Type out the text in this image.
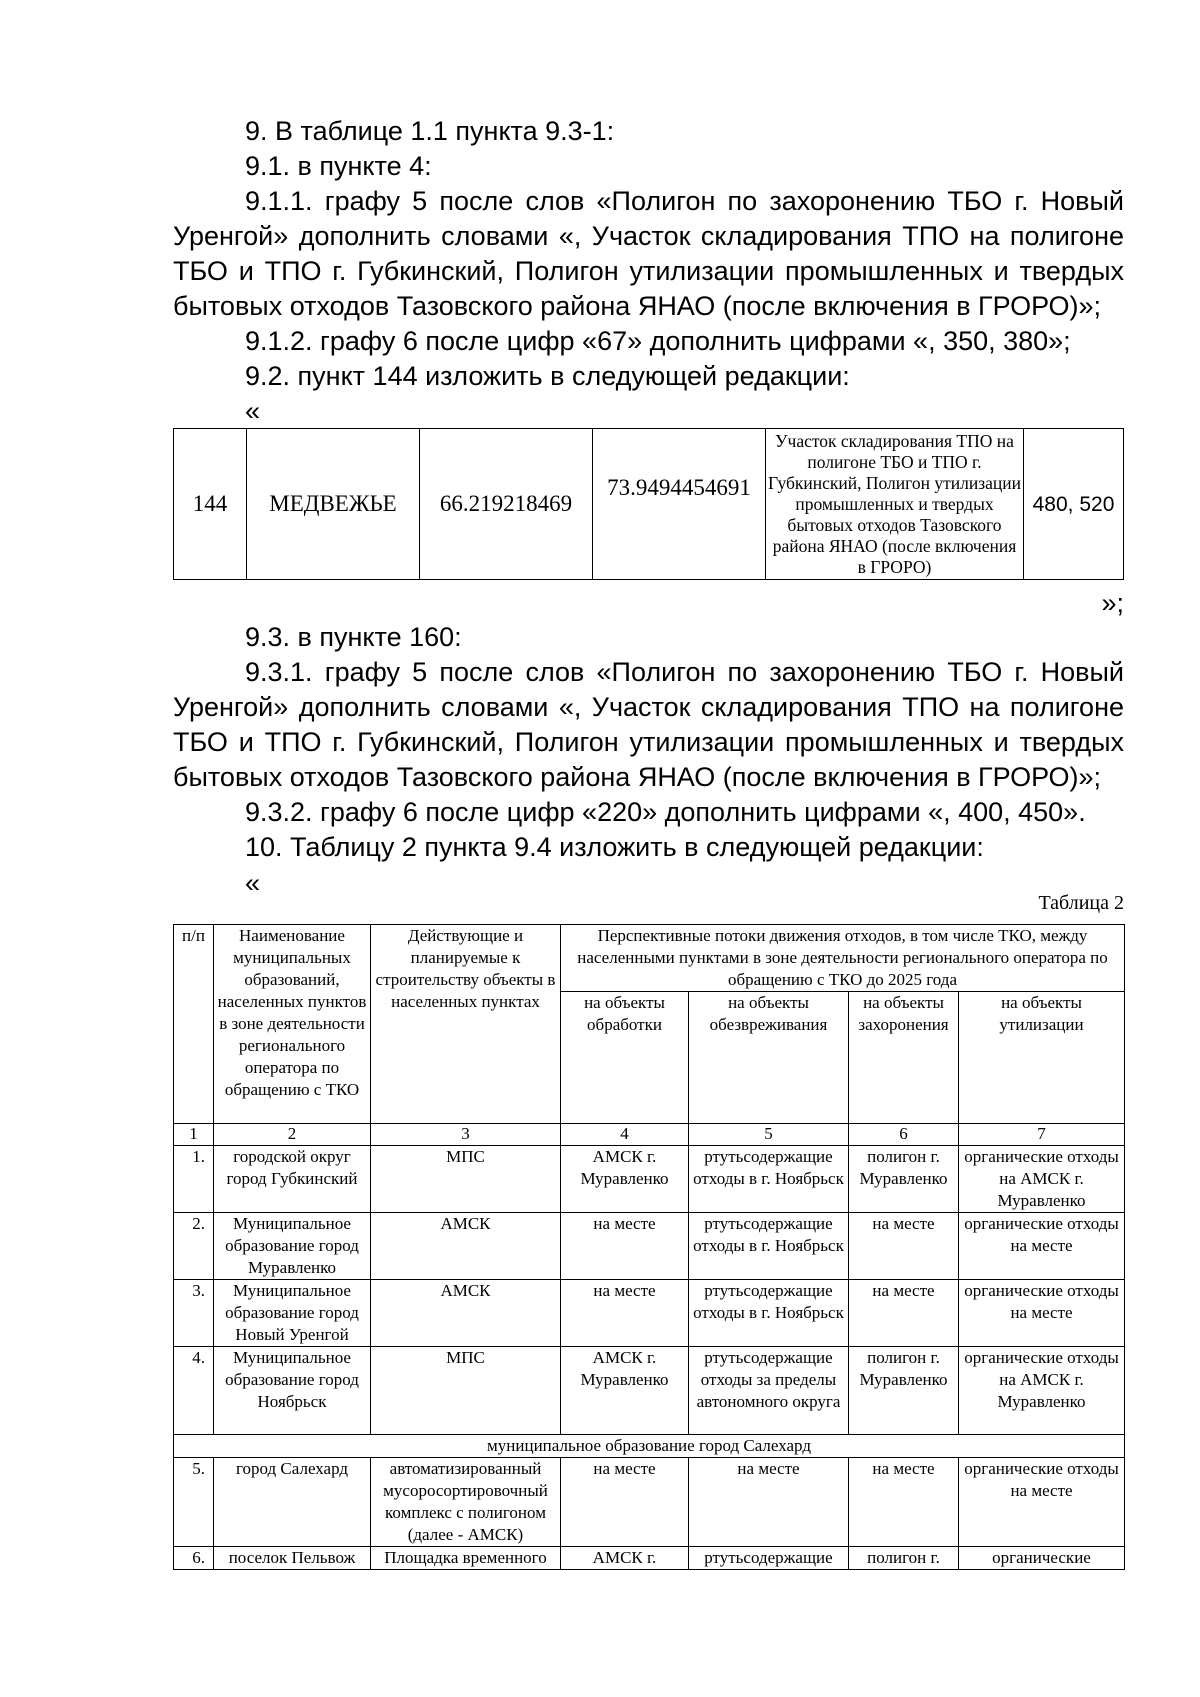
9. В таблице 1.1 пункта 9.3-1:

9.1. в пункте 4:

9.1.1. графу 5 после слов «Полигон по захоронению ТБО г. Новый Уренгой» дополнить словами «, Участок складирования ТПО на полигоне ТБО и ТПО г. Губкинский, Полигон утилизации промышленных и твердых бытовых отходов Тазовского района ЯНАО (после включения в ГРОРО)»;

9.1.2. графу 6 после цифр «67» дополнить цифрами «, 350, 380»;

9.2. пункт 144 изложить в следующей редакции:

«

144	МЕДВЕЖЬЕ	66.219218469	73.9494454691	Участок складирования ТПО на полигоне ТБО и ТПО г. Губкинский, Полигон утилизации промышленных и твердых бытовых отходов Тазовского района ЯНАО (после включения в ГРОРО)	480, 520

»;

9.3. в пункте 160:

9.3.1. графу 5 после слов «Полигон по захоронению ТБО г. Новый Уренгой» дополнить словами «, Участок складирования ТПО на полигоне ТБО и ТПО г. Губкинский, Полигон утилизации промышленных и твердых бытовых отходов Тазовского района ЯНАО (после включения в ГРОРО)»;

9.3.2. графу 6 после цифр «220» дополнить цифрами «, 400, 450».

10. Таблицу 2 пункта 9.4 изложить в следующей редакции:

«

Таблица 2
п/п	Наименование муниципальных образований, населенных пунктов в зоне деятельности регионального оператора по обращению с ТКО	Действующие и планируемые к строительству объекты в населенных пунктах	Перспективные потоки движения отходов, в том числе ТКО, между населенными пунктами в зоне деятельности регионального оператора по обращению с ТКО до 2025 года			
			на объекты обработки	на объекты обезвреживания	на объекты захоронения	на объекты утилизации
1	2	3	4	5	6	7
1.	городской округ город Губкинский	МПС	АМСК г. Муравленко	ртутьсодержащие отходы в г. Ноябрьск	полигон г. Муравленко	органические отходы на АМСК г. Муравленко
2.	Муниципальное образование город Муравленко	АМСК	на месте	ртутьсодержащие отходы в г. Ноябрьск	на месте	органические отходы на месте
3.	Муниципальное образование город Новый Уренгой	АМСК	на месте	ртутьсодержащие отходы в г. Ноябрьск	на месте	органические отходы на месте
4.	Муниципальное образование город Ноябрьск	МПС	АМСК г. Муравленко	ртутьсодержащие отходы за пределы автономного округа	полигон г. Муравленко	органические отходы на АМСК г. Муравленко
муниципальное образование город Салехард						
5.	город Салехард	автоматизированный мусоросортировочный комплекс с полигоном (далее - АМСК)	на месте	на месте	на месте	органические отходы на месте
6.	поселок Пельвож	Площадка временного	АМСК г.	ртутьсодержащие	полигон г.	органические
